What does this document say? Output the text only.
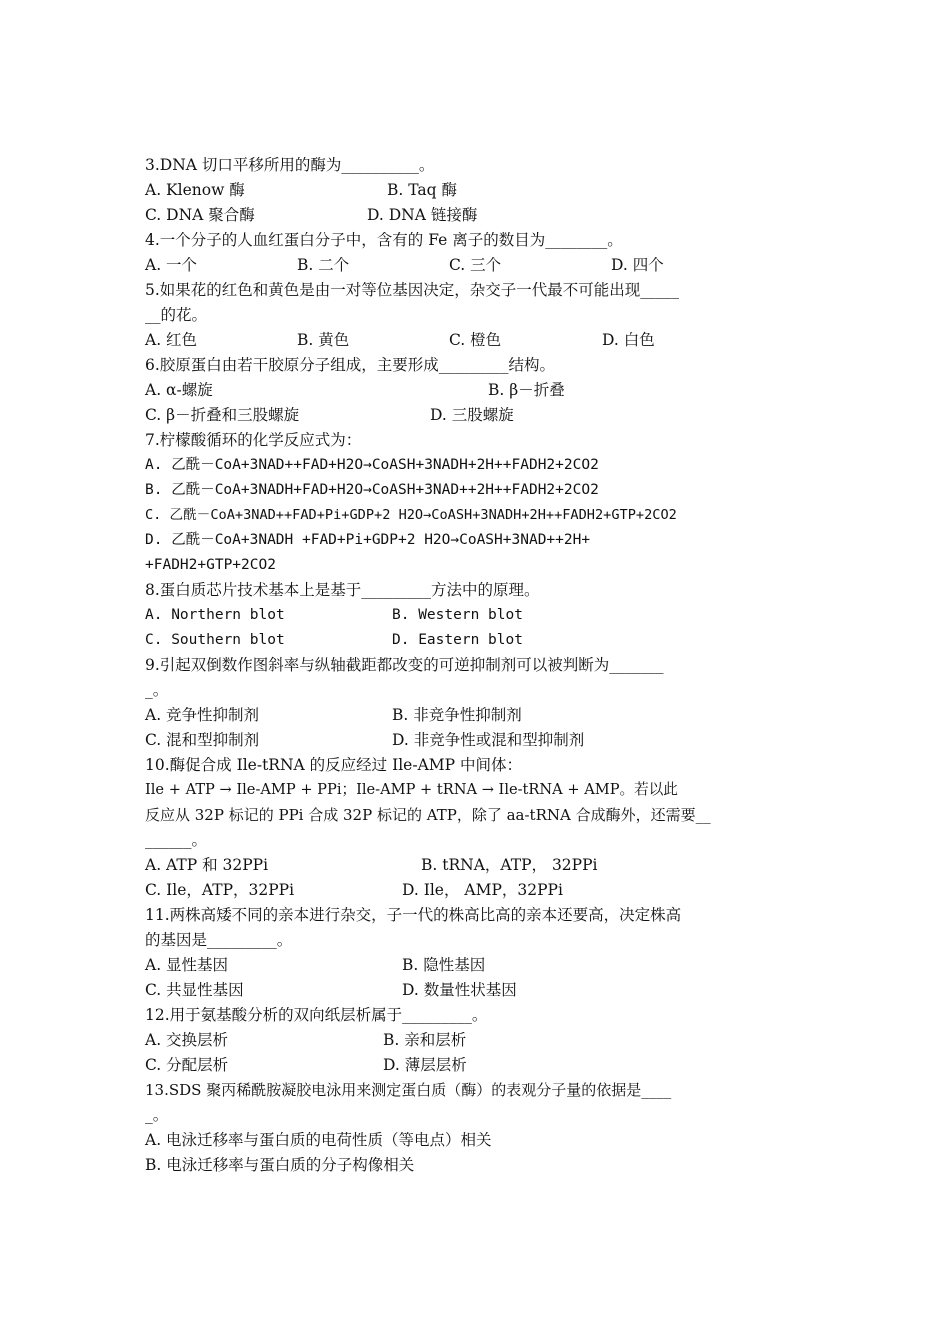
3.DNA 切口平移所用的酶为__________。

A. Klenow 酶

	B. Taq 酶

C. DNA 聚合酶

	D. DNA 链接酶

4.一个分子的人血红蛋白分子中，含有的 Fe 离子的数目为________。

A. 一个

	B. 二个

	C. 三个

	D. 四个

5.如果花的红色和黄色是由一对等位基因决定，杂交子一代最不可能出现_____
__的花。

A. 红色

	B. 黄色

	C. 橙色

	D. 白色

6.胶原蛋白由若干胶原分子组成，主要形成_________结构。

A. α-螺旋

	B. β－折叠

C. β－折叠和三股螺旋

	D. 三股螺旋

7.柠檬酸循环的化学反应式为：
A. 乙酰－CoA+3NAD++FAD+H2O→CoASH+3NADH+2H++FADH2+2CO2
B. 乙酰－CoA+3NADH+FAD+H2O→CoASH+3NAD++2H++FADH2+2CO2
C. 乙酰－CoA+3NAD++FAD+Pi+GDP+2 H2O→CoASH+3NADH+2H++FADH2+GTP+2CO2
D. 乙酰－CoA+3NADH +FAD+Pi+GDP+2 H2O→CoASH+3NAD++2H+
+FADH2+GTP+2CO2
8.蛋白质芯片技术基本上是基于_________方法中的原理。

A. Northern blot

	B. Western blot

C. Southern blot

	D. Eastern blot

9.引起双倒数作图斜率与纵轴截距都改变的可逆抑制剂可以被判断为_______
_。

A. 竞争性抑制剂

	B. 非竞争性抑制剂

C. 混和型抑制剂

	D. 非竞争性或混和型抑制剂

10.酶促合成 Ile-tRNA 的反应经过 Ile-AMP 中间体：
Ile + ATP → Ile-AMP + PPi；Ile-AMP + tRNA → Ile-tRNA + AMP。若以此
反应从 32P 标记的 PPi 合成 32P 标记的 ATP，除了 aa-tRNA 合成酶外，还需要__
______。

A. ATP 和 32PPi

	B. tRNA，ATP， 32PPi

C. Ile，ATP，32PPi

	D. Ile， AMP，32PPi

11.两株高矮不同的亲本进行杂交，子一代的株高比高的亲本还要高，决定株高
的基因是_________。

A. 显性基因

	B. 隐性基因

C. 共显性基因

	D. 数量性状基因

12.用于氨基酸分析的双向纸层析属于_________。

A. 交换层析

	B. 亲和层析

C. 分配层析

	D. 薄层层析

13.SDS 聚丙稀酰胺凝胶电泳用来测定蛋白质（酶）的表观分子量的依据是____
_。
A. 电泳迁移率与蛋白质的电荷性质（等电点）相关
B. 电泳迁移率与蛋白质的分子构像相关
